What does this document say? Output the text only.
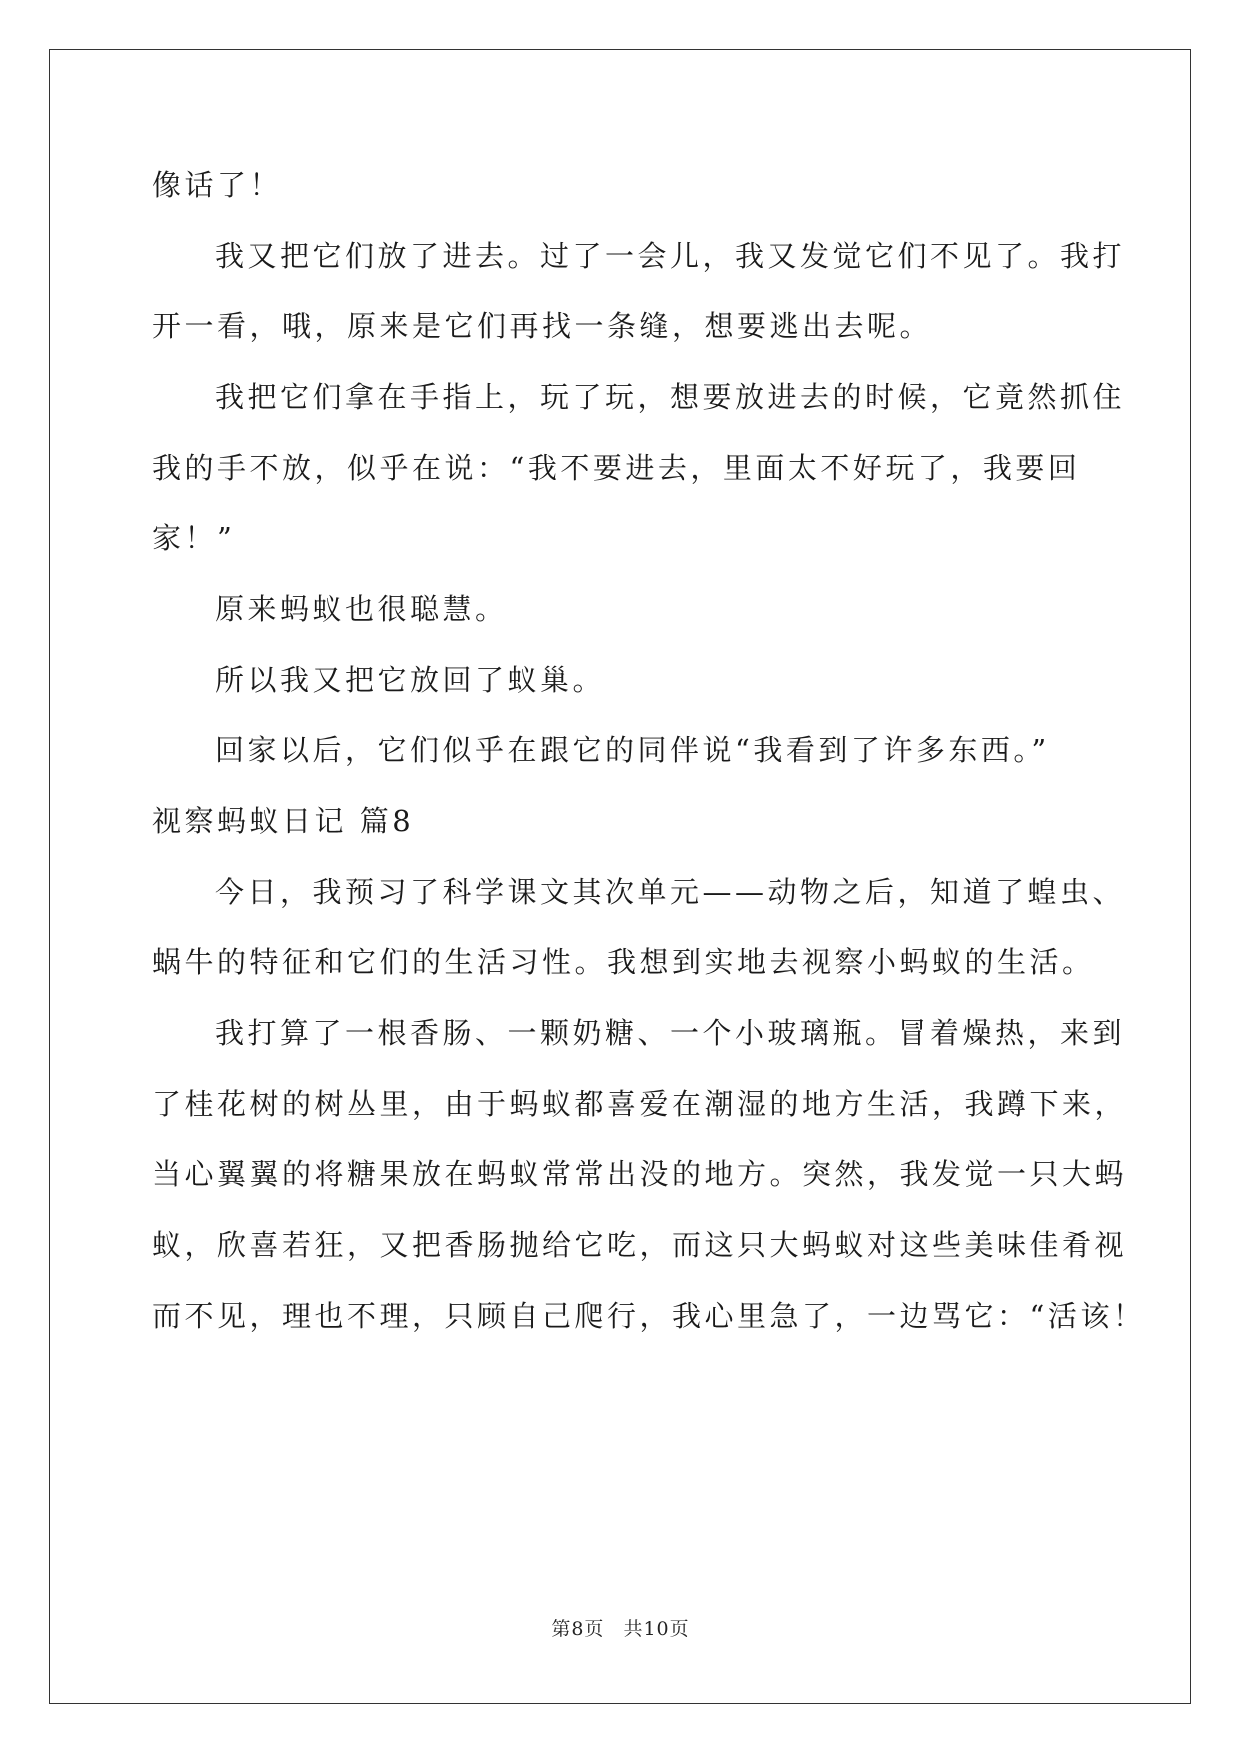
像话了！
我又把它们放了进去。过了一会儿，我又发觉它们不见了。我打
开一看，哦，原来是它们再找一条缝，想要逃出去呢。
我把它们拿在手指上，玩了玩，想要放进去的时候，它竟然抓住
我的手不放，似乎在说：“我不要进去，里面太不好玩了，我要回
家！”
原来蚂蚁也很聪慧。
所以我又把它放回了蚁巢。
回家以后，它们似乎在跟它的同伴说“我看到了许多东西。”
视察蚂蚁日记 篇8
今日，我预习了科学课文其次单元——动物之后，知道了蝗虫、
蜗牛的特征和它们的生活习性。我想到实地去视察小蚂蚁的生活。
我打算了一根香肠、一颗奶糖、一个小玻璃瓶。冒着燥热，来到
了桂花树的树丛里，由于蚂蚁都喜爱在潮湿的地方生活，我蹲下来，
当心翼翼的将糖果放在蚂蚁常常出没的地方。突然，我发觉一只大蚂
蚁，欣喜若狂，又把香肠抛给它吃，而这只大蚂蚁对这些美味佳肴视
而不见，理也不理，只顾自己爬行，我心里急了，一边骂它：“活该！
第8页 共10页
